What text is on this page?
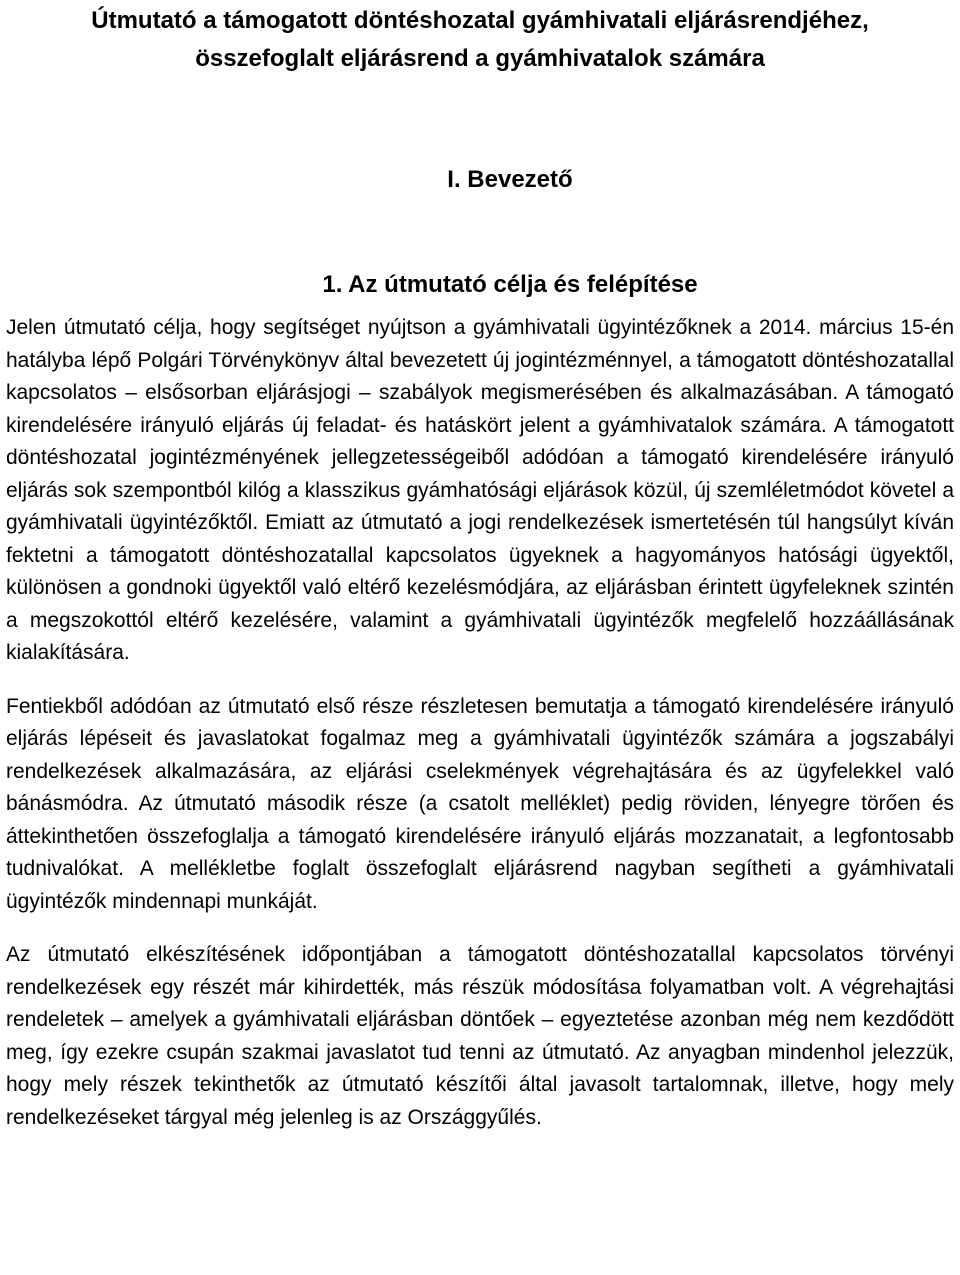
Útmutató a támogatott döntéshozatal gyámhivatali eljárásrendjéhez,
összefoglalt eljárásrend a gyámhivatalok számára
I. Bevezető
1. Az útmutató célja és felépítése

Jelen útmutató célja, hogy segítséget nyújtson a gyámhivatali ügyintézőknek a 2014. március 15-én hatályba lépő Polgári Törvénykönyv által bevezetett új jogintézménnyel, a támogatott döntéshozatallal kapcsolatos – elsősorban eljárásjogi – szabályok megismerésében és alkalmazásában. A támogató kirendelésére irányuló eljárás új feladat- és hatáskört jelent a gyámhivatalok számára. A támogatott döntéshozatal jogintézményének jellegzetességeiből adódóan a támogató kirendelésére irányuló eljárás sok szempontból kilóg a klasszikus gyámhatósági eljárások közül, új szemléletmódot követel a gyámhivatali ügyintézőktől. Emiatt az útmutató a jogi rendelkezések ismertetésén túl hangsúlyt kíván fektetni a támogatott döntéshozatallal kapcsolatos ügyeknek a hagyományos hatósági ügyektől, különösen a gondnoki ügyektől való eltérő kezelésmódjára, az eljárásban érintett ügyfeleknek szintén a megszokottól eltérő kezelésére, valamint a gyámhivatali ügyintézők megfelelő hozzáállásának kialakítására.

Fentiekből adódóan az útmutató első része részletesen bemutatja a támogató kirendelésére irányuló eljárás lépéseit és javaslatokat fogalmaz meg a gyámhivatali ügyintézők számára a jogszabályi rendelkezések alkalmazására, az eljárási cselekmények végrehajtására és az ügyfelekkel való bánásmódra. Az útmutató második része (a csatolt melléklet) pedig röviden, lényegre törően és áttekinthetően összefoglalja a támogató kirendelésére irányuló eljárás mozzanatait, a legfontosabb tudnivalókat. A mellékletbe foglalt összefoglalt eljárásrend nagyban segítheti a gyámhivatali ügyintézők mindennapi munkáját.

Az útmutató elkészítésének időpontjában a támogatott döntéshozatallal kapcsolatos törvényi rendelkezések egy részét már kihirdették, más részük módosítása folyamatban volt. A végrehajtási rendeletek – amelyek a gyámhivatali eljárásban döntőek – egyeztetése azonban még nem kezdődött meg, így ezekre csupán szakmai javaslatot tud tenni az útmutató. Az anyagban mindenhol jelezzük, hogy mely részek tekinthetők az útmutató készítői által javasolt tartalomnak, illetve, hogy mely rendelkezéseket tárgyal még jelenleg is az Országgyűlés.
